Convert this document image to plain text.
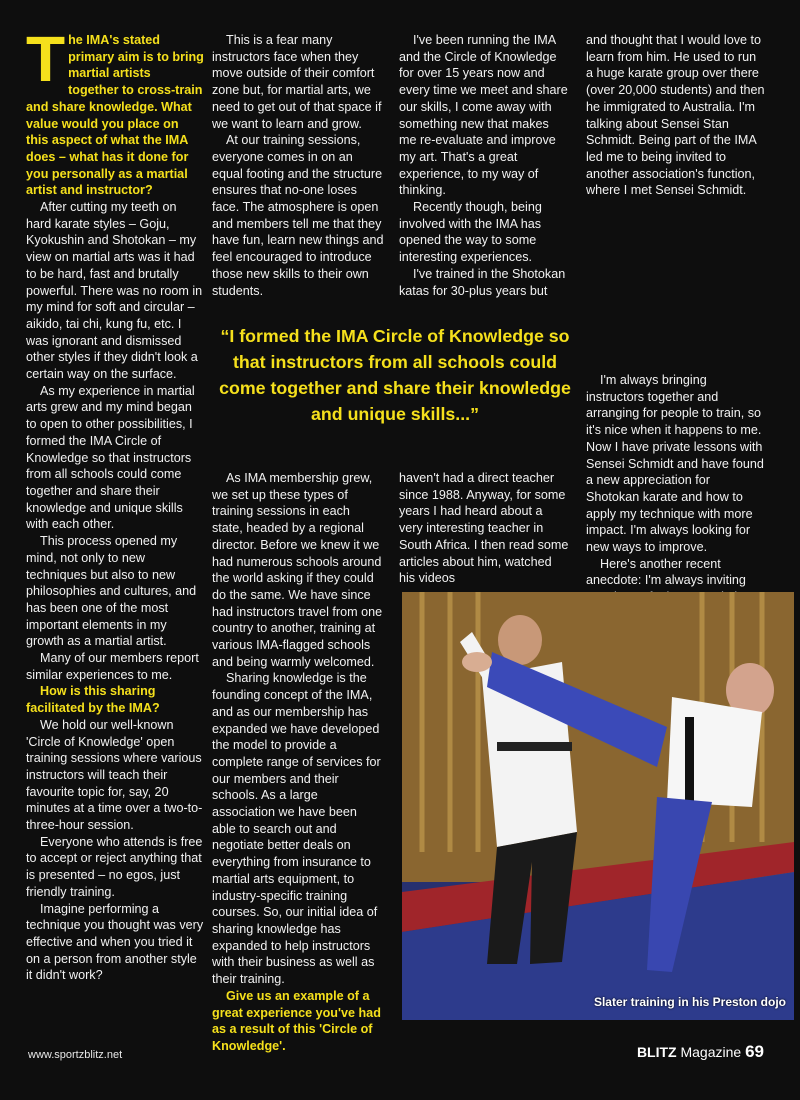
The IMA's stated primary aim is to bring martial artists together to cross-train and share knowledge. What value would you place on this aspect of what the IMA does – what has it done for you personally as a martial artist and instructor?

After cutting my teeth on hard karate styles – Goju, Kyokushin and Shotokan – my view on martial arts was it had to be hard, fast and brutally powerful. There was no room in my mind for soft and circular – aikido, tai chi, kung fu, etc. I was ignorant and dismissed other styles if they didn't look a certain way on the surface.

As my experience in martial arts grew and my mind began to open to other possibilities, I formed the IMA Circle of Knowledge so that instructors from all schools could come together and share their knowledge and unique skills with each other.

This process opened my mind, not only to new techniques but also to new philosophies and cultures, and has been one of the most important elements in my growth as a martial artist.

Many of our members report similar experiences to me.

How is this sharing facilitated by the IMA?

We hold our well-known 'Circle of Knowledge' open training sessions where various instructors will teach their favourite topic for, say, 20 minutes at a time over a two-to-three-hour session.

Everyone who attends is free to accept or reject anything that is presented – no egos, just friendly training.

Imagine performing a technique you thought was very effective and when you tried it on a person from another style it didn't work?

This is a fear many instructors face when they move outside of their comfort zone but, for martial arts, we need to get out of that space if we want to learn and grow.

At our training sessions, everyone comes in on an equal footing and the structure ensures that no-one loses face. The atmosphere is open and members tell me that they have fun, learn new things and feel encouraged to introduce those new skills to their own students.

I've been running the IMA and the Circle of Knowledge for over 15 years now and every time we meet and share our skills, I come away with something new that makes me re-evaluate and improve my art. That's a great experience, to my way of thinking.

Recently though, being involved with the IMA has opened the way to some interesting experiences.

I've trained in the Shotokan katas for 30-plus years but

and thought that I would love to learn from him. He used to run a huge karate group over there (over 20,000 students) and then he immigrated to Australia. I'm talking about Sensei Stan Schmidt. Being part of the IMA led me to being invited to another association's function, where I met Sensei Schmidt.

“I formed the IMA Circle of Knowledge so that instructors from all schools could come together and share their knowledge and unique skills...”

As IMA membership grew, we set up these types of training sessions in each state, headed by a regional director. Before we knew it we had numerous schools around the world asking if they could do the same. We have since had instructors travel from one country to another, training at various IMA-flagged schools and being warmly welcomed.

Sharing knowledge is the founding concept of the IMA, and as our membership has expanded we have developed the model to provide a complete range of services for our members and their schools. As a large association we have been able to search out and negotiate better deals on everything from insurance to martial arts equipment, to industry-specific training courses. So, our initial idea of sharing knowledge has expanded to help instructors with their business as well as their training.

Give us an example of a great experience you've had as a result of this 'Circle of Knowledge'.

haven't had a direct teacher since 1988. Anyway, for some years I had heard about a very interesting teacher in South Africa. I then read some articles about him, watched his videos

I'm always bringing instructors together and arranging for people to train, so it's nice when it happens to me. Now I have private lessons with Sensei Schmidt and have found a new appreciation for Shotokan karate and how to apply my technique with more impact. I'm always looking for new ways to improve.

Here's another recent anecdote: I'm always inviting

Slater training in his Preston dojo
www.sportzblitz.net	BLITZ Magazine 69
